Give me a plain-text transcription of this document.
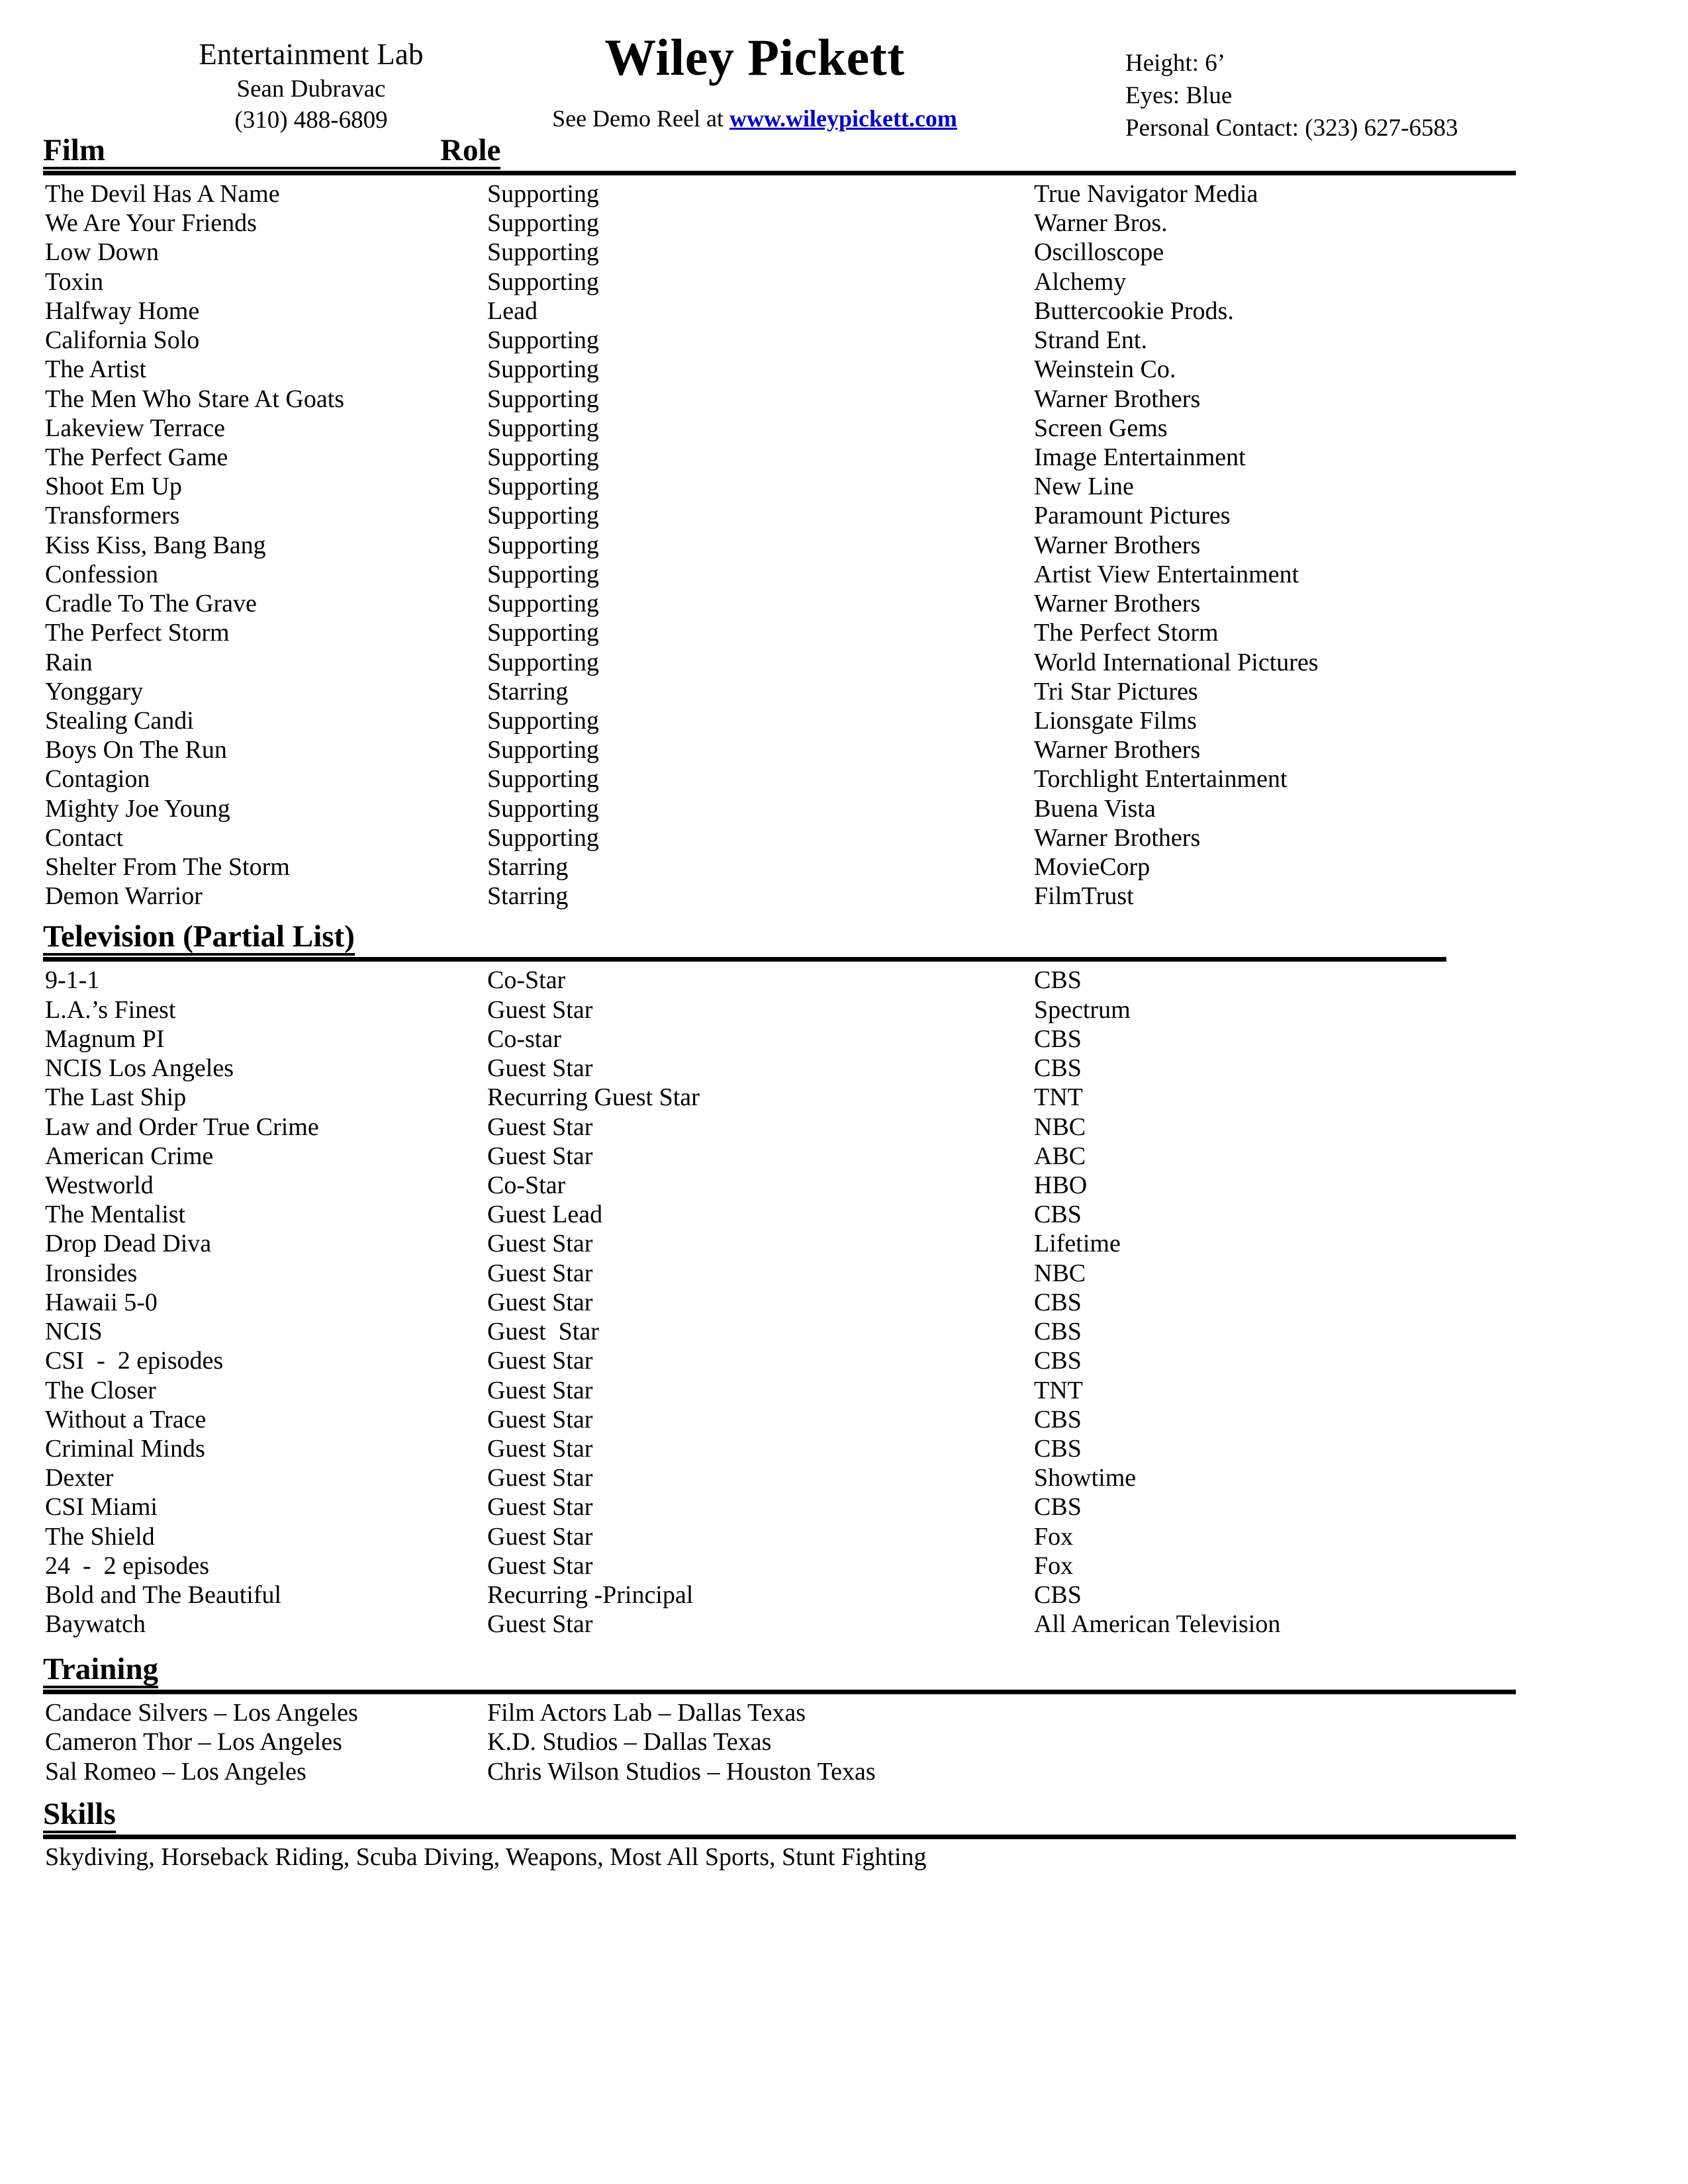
Entertainment Lab
Sean Dubravac
(310) 488-6809
Wiley Pickett
See Demo Reel at www.wileypickett.com
Height: 6’
Eyes: Blue
Personal Contact: (323) 627-6583
Film	Role
The Devil Has A Name	Supporting	True Navigator Media
We Are Your Friends	Supporting	Warner Bros.
Low Down	Supporting	Oscilloscope
Toxin	Supporting	Alchemy
Halfway Home	Lead	Buttercookie Prods.
California Solo	Supporting	Strand Ent.
The Artist	Supporting	Weinstein Co.
The Men Who Stare At Goats	Supporting	Warner Brothers
Lakeview Terrace	Supporting	Screen Gems
The Perfect Game	Supporting	Image Entertainment
Shoot Em Up	Supporting	New Line
Transformers	Supporting	Paramount Pictures
Kiss Kiss, Bang Bang	Supporting	Warner Brothers
Confession	Supporting	Artist View Entertainment
Cradle To The Grave	Supporting	Warner Brothers
The Perfect Storm	Supporting	The Perfect Storm
Rain	Supporting	World International Pictures
Yonggary	Starring	Tri Star Pictures
Stealing Candi	Supporting	Lionsgate Films
Boys On The Run	Supporting	Warner Brothers
Contagion	Supporting	Torchlight Entertainment
Mighty Joe Young	Supporting	Buena Vista
Contact	Supporting	Warner Brothers
Shelter From The Storm	Starring	MovieCorp
Demon Warrior	Starring	FilmTrust
Television (Partial List)
9-1-1	Co-Star	CBS
L.A.’s Finest	Guest Star	Spectrum
Magnum PI	Co-star	CBS
NCIS Los Angeles	Guest Star	CBS
The Last Ship	Recurring Guest Star	TNT
Law and Order True Crime	Guest Star	NBC
American Crime	Guest Star	ABC
Westworld	Co-Star	HBO
The Mentalist	Guest Lead	CBS
Drop Dead Diva	Guest Star	Lifetime
Ironsides	Guest Star	NBC
Hawaii 5-0	Guest Star	CBS
NCIS	Guest  Star	CBS
CSI  -  2 episodes	Guest Star	CBS
The Closer	Guest Star	TNT
Without a Trace	Guest Star	CBS
Criminal Minds	Guest Star	CBS
Dexter	Guest Star	Showtime
CSI Miami	Guest Star	CBS
The Shield	Guest Star	Fox
24  -  2 episodes	Guest Star	Fox
Bold and The Beautiful	Recurring -Principal	CBS
Baywatch	Guest Star	All American Television
Training
Candace Silvers – Los Angeles	Film Actors Lab – Dallas Texas
Cameron Thor – Los Angeles	K.D. Studios – Dallas Texas
Sal Romeo – Los Angeles	Chris Wilson Studios – Houston Texas
Skills
Skydiving, Horseback Riding, Scuba Diving, Weapons, Most All Sports, Stunt Fighting
